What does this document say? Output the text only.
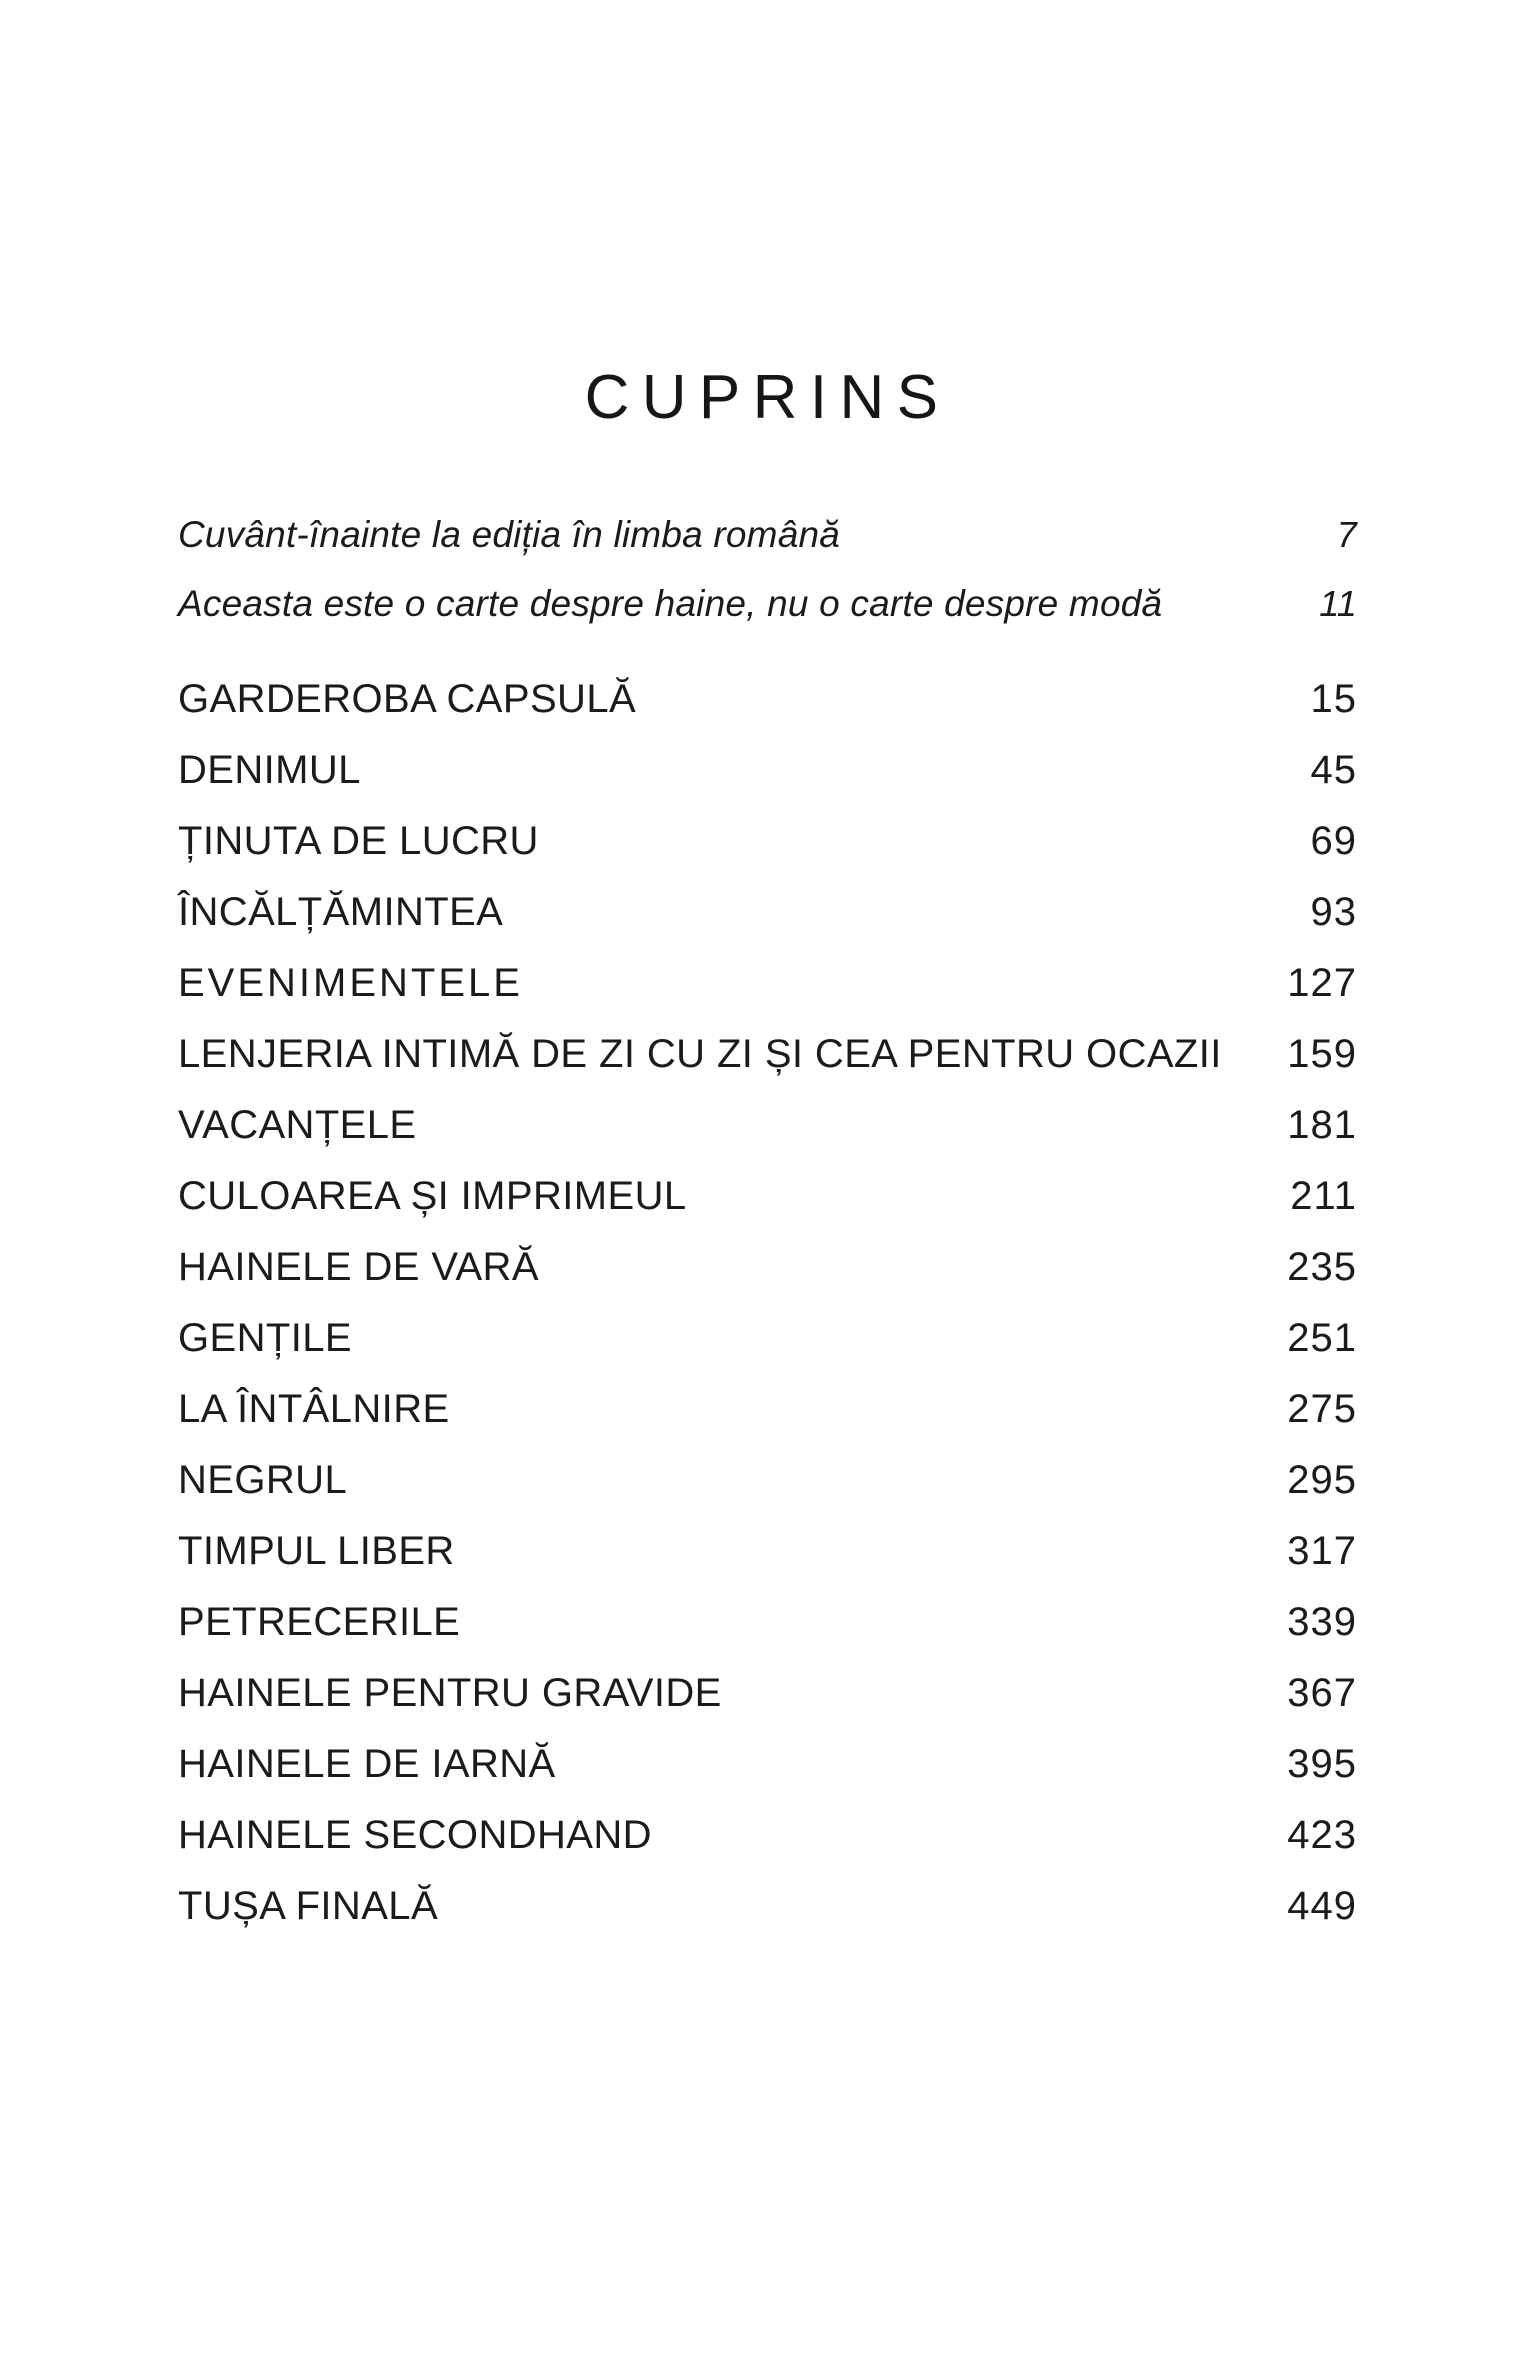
CUPRINS
Cuvânt-înainte la ediția în limba română	7
Aceasta este o carte despre haine, nu o carte despre modă	11
GARDEROBA CAPSULĂ	15
DENIMUL	45
ȚINUTA DE LUCRU	69
ÎNCĂLȚĂMINTEA	93
EVENIMENTELE	127
LENJERIA INTIMĂ DE ZI CU ZI ȘI CEA PENTRU OCAZII	159
VACANȚELE	181
CULOAREA ȘI IMPRIMEUL	211
HAINELE DE VARĂ	235
GENȚILE	251
LA ÎNTÂLNIRE	275
NEGRUL	295
TIMPUL LIBER	317
PETRECERILE	339
HAINELE PENTRU GRAVIDE	367
HAINELE DE IARNĂ	395
HAINELE SECONDHAND	423
TUȘA FINALĂ	449
